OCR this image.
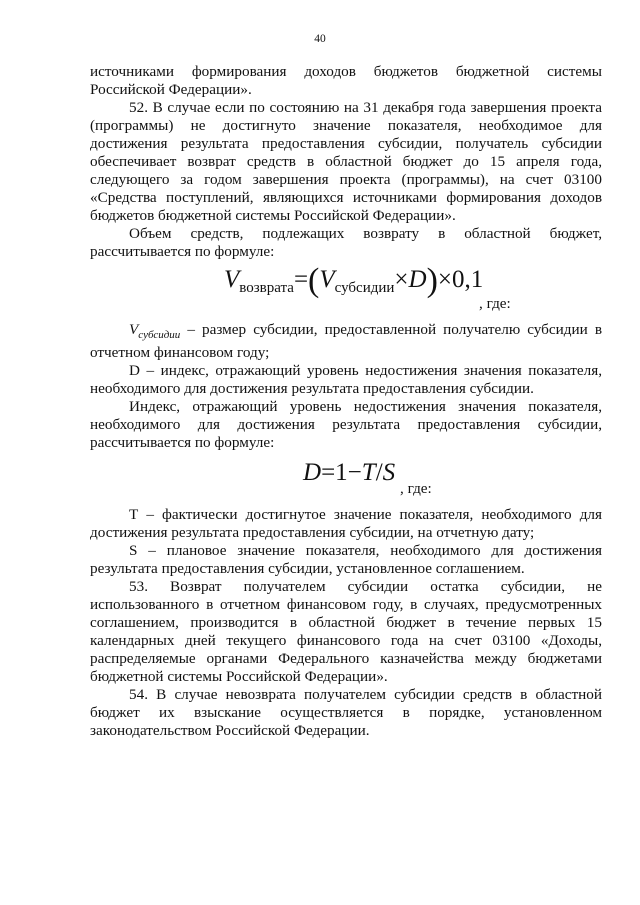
40

источниками формирования доходов бюджетов бюджетной системы Российской Федерации».

52. В случае если по состоянию на 31 декабря года завершения проекта (программы) не достигнуто значение показателя, необходимое для достижения результата предоставления субсидии, получатель субсидии обеспечивает возврат средств в областной бюджет до 15 апреля года, следующего за годом завершения проекта (программы), на счет 03100 «Средства поступлений, являющихся источниками формирования доходов бюджетов бюджетной системы Российской Федерации».

Объем средств, подлежащих возврату в областной бюджет, рассчитывается по формуле:

$V_{возврата}=(V_{субсидии}\times D)\times 0,1$
, где:

$V_{субсидии}$ – размер субсидии, предоставленной получателю субсидии в отчетном финансовом году;

D – индекс, отражающий уровень недостижения значения показателя, необходимого для достижения результата предоставления субсидии.

Индекс, отражающий уровень недостижения значения показателя, необходимого для достижения результата предоставления субсидии, рассчитывается по формуле:

D=1−T/S
, где:

Т – фактически достигнутое значение показателя, необходимого для достижения результата предоставления субсидии, на отчетную дату;

S – плановое значение показателя, необходимого для достижения результата предоставления субсидии, установленное соглашением.

53. Возврат получателем субсидии остатка субсидии, не использованного в отчетном финансовом году, в случаях, предусмотренных соглашением, производится в областной бюджет в течение первых 15 календарных дней текущего финансового года на счет 03100 «Доходы, распределяемые органами Федерального казначейства между бюджетами бюджетной системы Российской Федерации».

54. В случае невозврата получателем субсидии средств в областной бюджет их взыскание осуществляется в порядке, установленном законодательством Российской Федерации.
